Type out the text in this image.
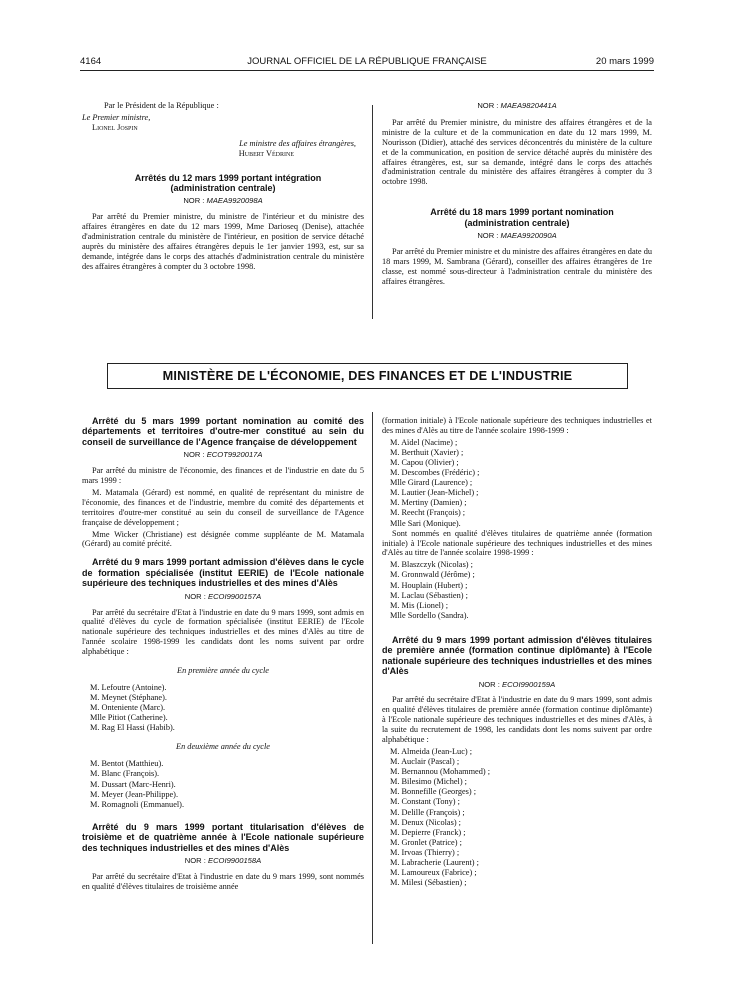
4164	JOURNAL OFFICIEL DE LA RÉPUBLIQUE FRANÇAISE	20 mars 1999

Par le Président de la République :

Le Premier ministre,

Lionel Jospin

Le ministre des affaires étrangères,

Hubert Védrine

Arrêtés du 12 mars 1999 portant intégration (administration centrale)

NOR : MAEA9920098A

Par arrêté du Premier ministre, du ministre de l'intérieur et du ministre des affaires étrangères en date du 12 mars 1999, Mme Darioseq (Denise), attachée d'administration centrale du ministère de l'intérieur, en position de service détaché auprès du ministère des affaires étrangères depuis le 1er janvier 1993, est, sur sa demande, intégrée dans le corps des attachés d'administration centrale du ministère des affaires étrangères à compter du 3 octobre 1998.

NOR : MAEA9820441A

Par arrêté du Premier ministre, du ministre des affaires étrangères et de la ministre de la culture et de la communication en date du 12 mars 1999, M. Nourisson (Didier), attaché des services déconcentrés du ministère de la culture et de la communication, en position de service détaché auprès du ministère des affaires étrangères, est, sur sa demande, intégré dans le corps des attachés d'administration centrale du ministère des affaires étrangères à compter du 3 octobre 1998.

Arrêté du 18 mars 1999 portant nomination (administration centrale)

NOR : MAEA9920090A

Par arrêté du Premier ministre et du ministre des affaires étrangères en date du 18 mars 1999, M. Sambrana (Gérard), conseiller des affaires étrangères de 1re classe, est nommé sous-directeur à l'administration centrale du ministère des affaires étrangères.

MINISTÈRE DE L'ÉCONOMIE, DES FINANCES ET DE L'INDUSTRIE

Arrêté du 5 mars 1999 portant nomination au comité des départements et territoires d'outre-mer constitué au sein du conseil de surveillance de l'Agence française de développement

NOR : ECOT9920017A

Par arrêté du ministre de l'économie, des finances et de l'industrie en date du 5 mars 1999 :

M. Matamala (Gérard) est nommé, en qualité de représentant du ministre de l'économie, des finances et de l'industrie, membre du comité des départements et territoires d'outre-mer constitué au sein du conseil de surveillance de l'Agence française de développement ;

Mme Wicker (Christiane) est désignée comme suppléante de M. Matamala (Gérard) au comité précité.

Arrêté du 9 mars 1999 portant admission d'élèves dans le cycle de formation spécialisée (institut EERIE) de l'Ecole nationale supérieure des techniques industrielles et des mines d'Alès

NOR : ECOI9900157A

Par arrêté du secrétaire d'Etat à l'industrie en date du 9 mars 1999, sont admis en qualité d'élèves du cycle de formation spécialisée (institut EERIE) de l'Ecole nationale supérieure des techniques industrielles et des mines d'Alès au titre de l'année scolaire 1998-1999 les candidats dont les noms suivent par ordre alphabétique :

En première année du cycle
M. Lefoutre (Antoine).
M. Meynet (Stéphane).
M. Onteniente (Marc).
Mlle Pitiot (Catherine).
M. Rag El Hassi (Habib).
En deuxième année du cycle
M. Bentot (Matthieu).
M. Blanc (François).
M. Dussart (Marc-Henri).
M. Meyer (Jean-Philippe).
M. Romagnoli (Emmanuel).

Arrêté du 9 mars 1999 portant titularisation d'élèves de troisième et de quatrième année à l'Ecole nationale supérieure des techniques industrielles et des mines d'Alès

NOR : ECOI9900158A

Par arrêté du secrétaire d'Etat à l'industrie en date du 9 mars 1999, sont nommés en qualité d'élèves titulaires de troisième année

(formation initiale) à l'Ecole nationale supérieure des techniques industrielles et des mines d'Alès au titre de l'année scolaire 1998-1999 :

M. Aïdel (Nacime) ;
M. Berthuit (Xavier) ;
M. Capou (Olivier) ;
M. Descombes (Frédéric) ;
Mlle Girard (Laurence) ;
M. Lautier (Jean-Michel) ;
M. Mertiny (Damien) ;
M. Reecht (François) ;
Mlle Sari (Monique).

Sont nommés en qualité d'élèves titulaires de quatrième année (formation initiale) à l'Ecole nationale supérieure des techniques industrielles et des mines d'Alès au titre de l'année scolaire 1998-1999 :

M. Blaszczyk (Nicolas) ;
M. Gronnwald (Jérôme) ;
M. Houplain (Hubert) ;
M. Laclau (Sébastien) ;
M. Mis (Lionel) ;
Mlle Sordello (Sandra).

Arrêté du 9 mars 1999 portant admission d'élèves titulaires de première année (formation continue diplômante) à l'Ecole nationale supérieure des techniques industrielles et des mines d'Alès

NOR : ECOI9900159A

Par arrêté du secrétaire d'Etat à l'industrie en date du 9 mars 1999, sont admis en qualité d'élèves titulaires de première année (formation continue diplômante) à l'Ecole nationale supérieure des techniques industrielles et des mines d'Alès, à la suite du recrutement de 1998, les candidats dont les noms suivent par ordre alphabétique :

M. Almeida (Jean-Luc) ;
M. Auclair (Pascal) ;
M. Bernannou (Mohammed) ;
M. Bilesimo (Michel) ;
M. Bonnefille (Georges) ;
M. Constant (Tony) ;
M. Delille (François) ;
M. Denux (Nicolas) ;
M. Depierre (Franck) ;
M. Gronlet (Patrice) ;
M. Irvoas (Thierry) ;
M. Labracherie (Laurent) ;
M. Lamoureux (Fabrice) ;
M. Milesi (Sébastien) ;
